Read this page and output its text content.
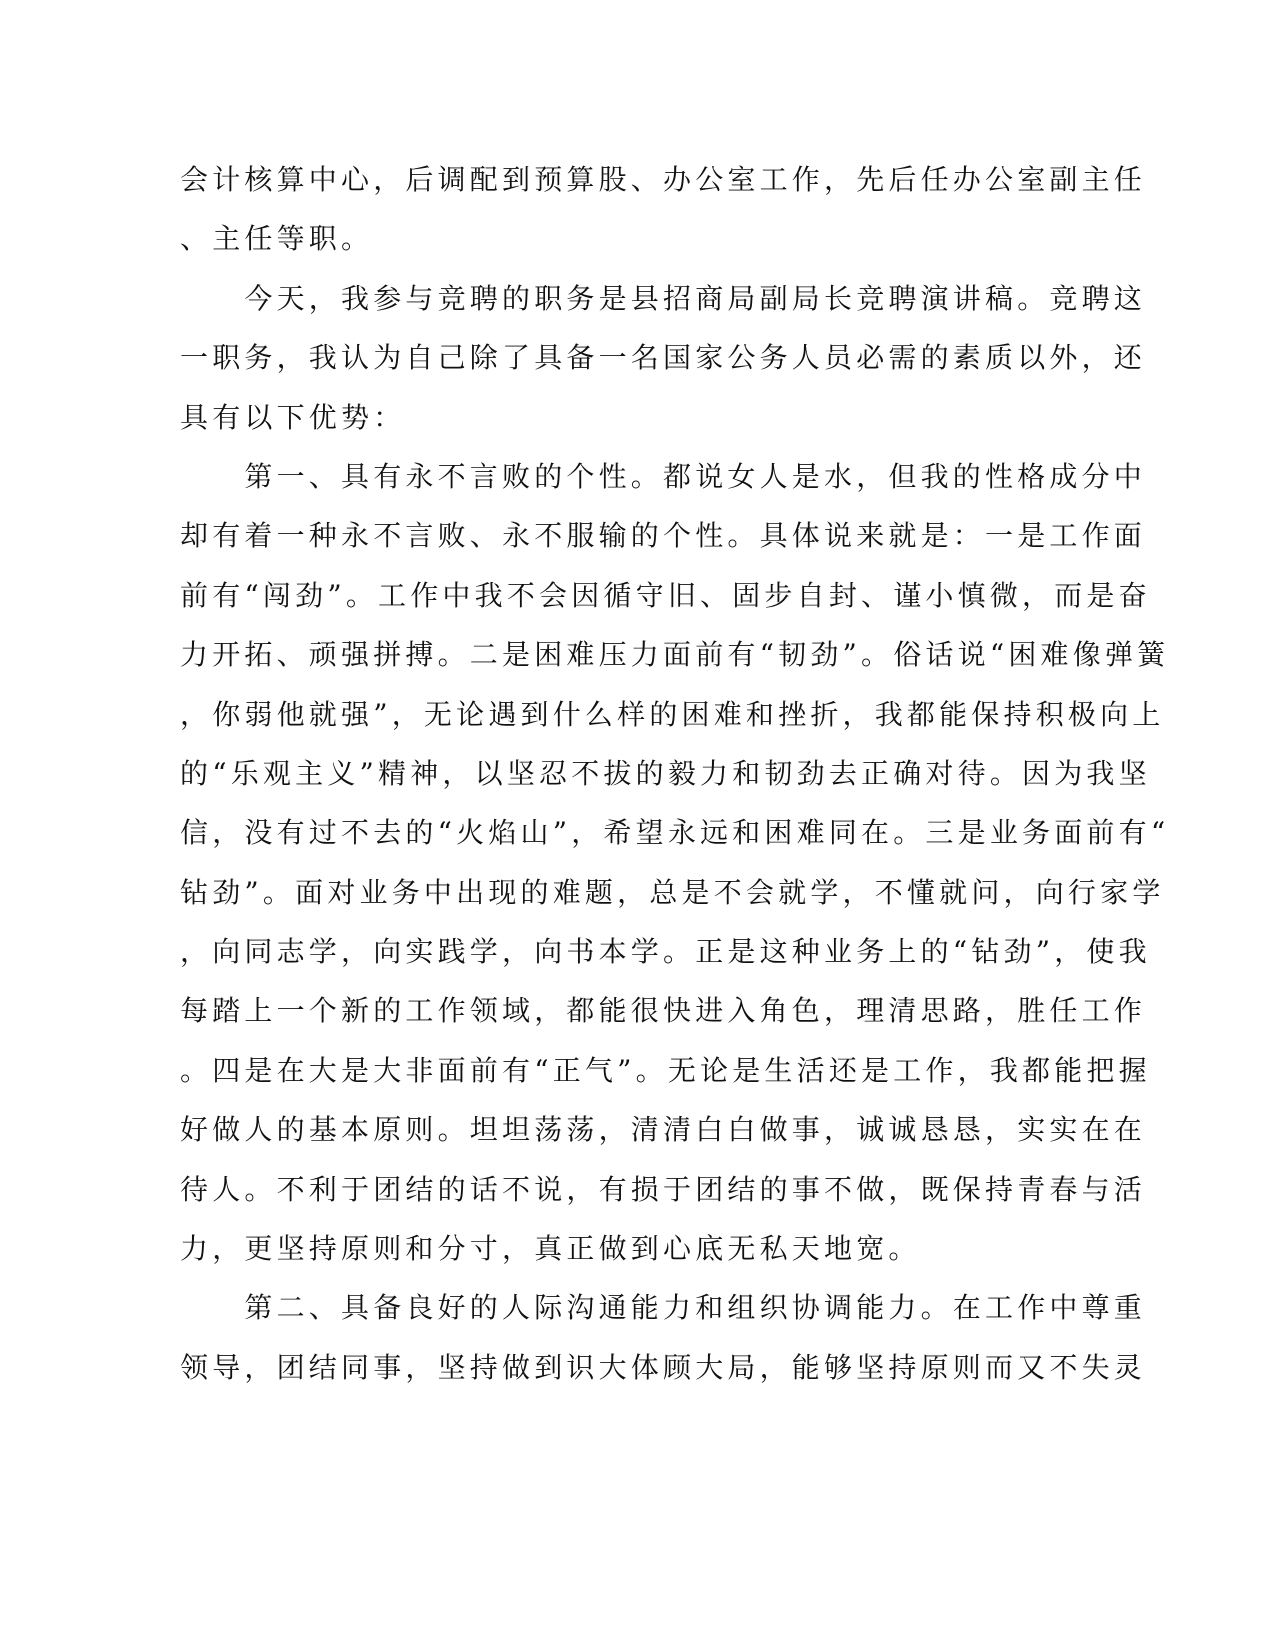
会计核算中心，后调配到预算股、办公室工作，先后任办公室副主任
、主任等职。
　　今天，我参与竞聘的职务是县招商局副局长竞聘演讲稿。竞聘这
一职务，我认为自己除了具备一名国家公务人员必需的素质以外，还
具有以下优势：
　　第一、具有永不言败的个性。都说女人是水，但我的性格成分中
却有着一种永不言败、永不服输的个性。具体说来就是：一是工作面
前有“闯劲”。工作中我不会因循守旧、固步自封、谨小慎微，而是奋
力开拓、顽强拼搏。二是困难压力面前有“韧劲”。俗话说“困难像弹簧
，你弱他就强”，无论遇到什么样的困难和挫折，我都能保持积极向上
的“乐观主义”精神，以坚忍不拔的毅力和韧劲去正确对待。因为我坚
信，没有过不去的“火焰山”，希望永远和困难同在。三是业务面前有“
钻劲”。面对业务中出现的难题，总是不会就学，不懂就问，向行家学
，向同志学，向实践学，向书本学。正是这种业务上的“钻劲”，使我
每踏上一个新的工作领域，都能很快进入角色，理清思路，胜任工作
。四是在大是大非面前有“正气”。无论是生活还是工作，我都能把握
好做人的基本原则。坦坦荡荡，清清白白做事，诚诚恳恳，实实在在
待人。不利于团结的话不说，有损于团结的事不做，既保持青春与活
力，更坚持原则和分寸，真正做到心底无私天地宽。
　　第二、具备良好的人际沟通能力和组织协调能力。在工作中尊重
领导，团结同事，坚持做到识大体顾大局，能够坚持原则而又不失灵
